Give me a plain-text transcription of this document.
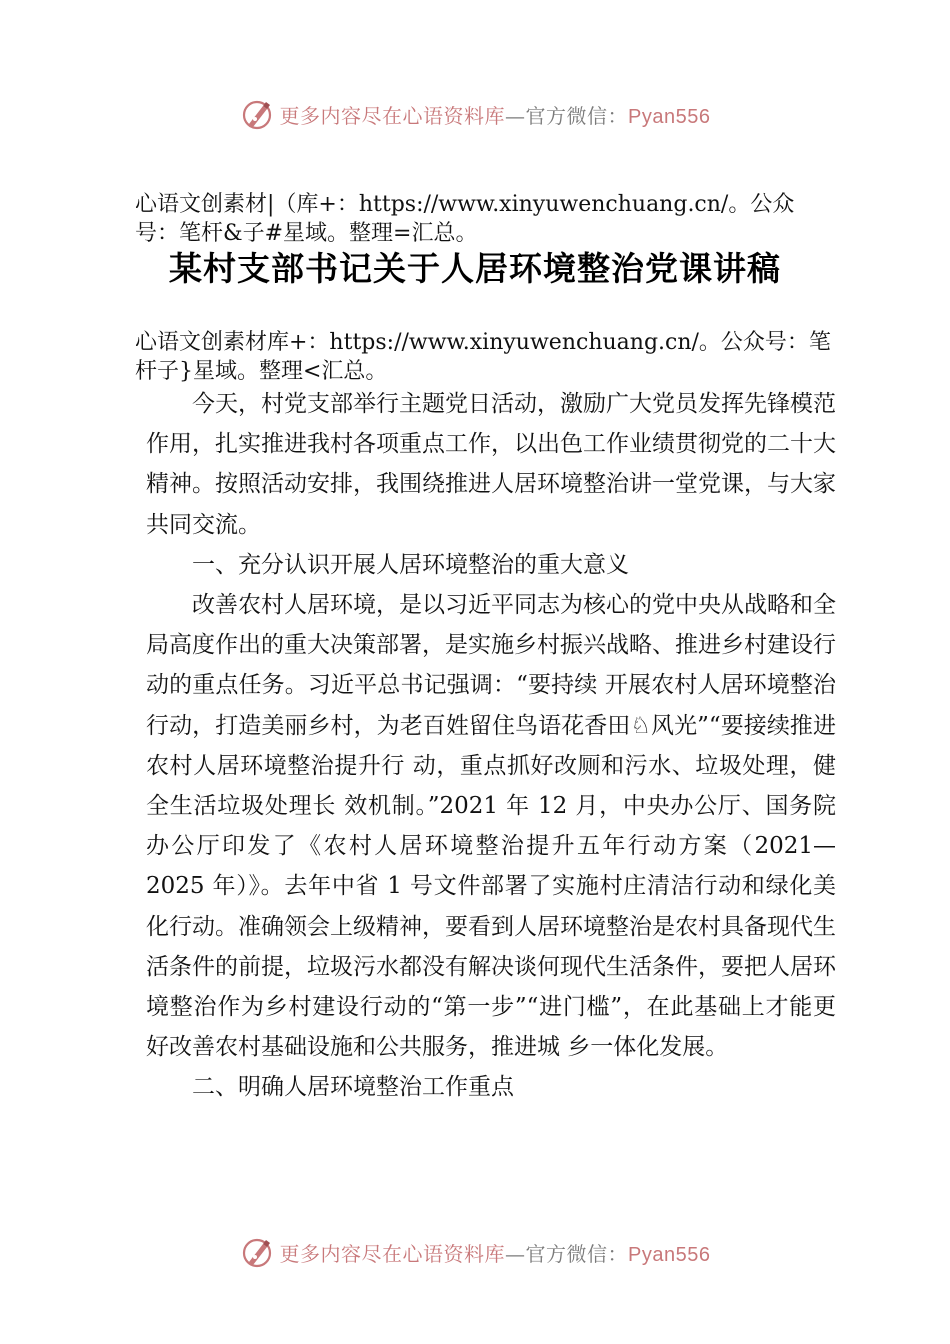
更多内容尽在心语资料库—官方微信：Pyan556
心语文创素材|（库+：https://www.xinyuwenchuang.cn/。公众号：笔杆&子#星域。整理=汇总。
某村支部书记关于人居环境整治党课讲稿
心语文创素材库+：https://www.xinyuwenchuang.cn/。公众号：笔杆子}星域。整理<汇总。

今天，村党支部举行主题党日活动，激励广大党员发挥先锋模范作用，扎实推进我村各项重点工作，以出色工作业绩贯彻党的二十大精神。按照活动安排，我围绕推进人居环境整治讲一堂党课，与大家共同交流。

一、充分认识开展人居环境整治的重大意义

改善农村人居环境，是以习近平同志为核心的党中央从战略和全局高度作出的重大决策部署，是实施乡村振兴战略、推进乡村建设行动的重点任务。习近平总书记强调：“要持续 开展农村人居环境整治行动，打造美丽乡村，为老百姓留住鸟语花香田♘风光”“要接续推进农村人居环境整治提升行 动，重点抓好改厕和污水、垃圾处理，健全生活垃圾处理长 效机制。”2021 年 12 月，中央办公厅、国务院办公厅印发了《农村人居环境整治提升五年行动方案（2021—2025 年）》。去年中省 1 号文件部署了实施村庄清洁行动和绿化美化行动。准确领会上级精神，要看到人居环境整治是农村具备现代生活条件的前提，垃圾污水都没有解决谈何现代生活条件，要把人居环境整治作为乡村建设行动的“第一步”“进门槛”，在此基础上才能更好改善农村基础设施和公共服务，推进城 乡一体化发展。

二、明确人居环境整治工作重点

更多内容尽在心语资料库—官方微信：Pyan556
